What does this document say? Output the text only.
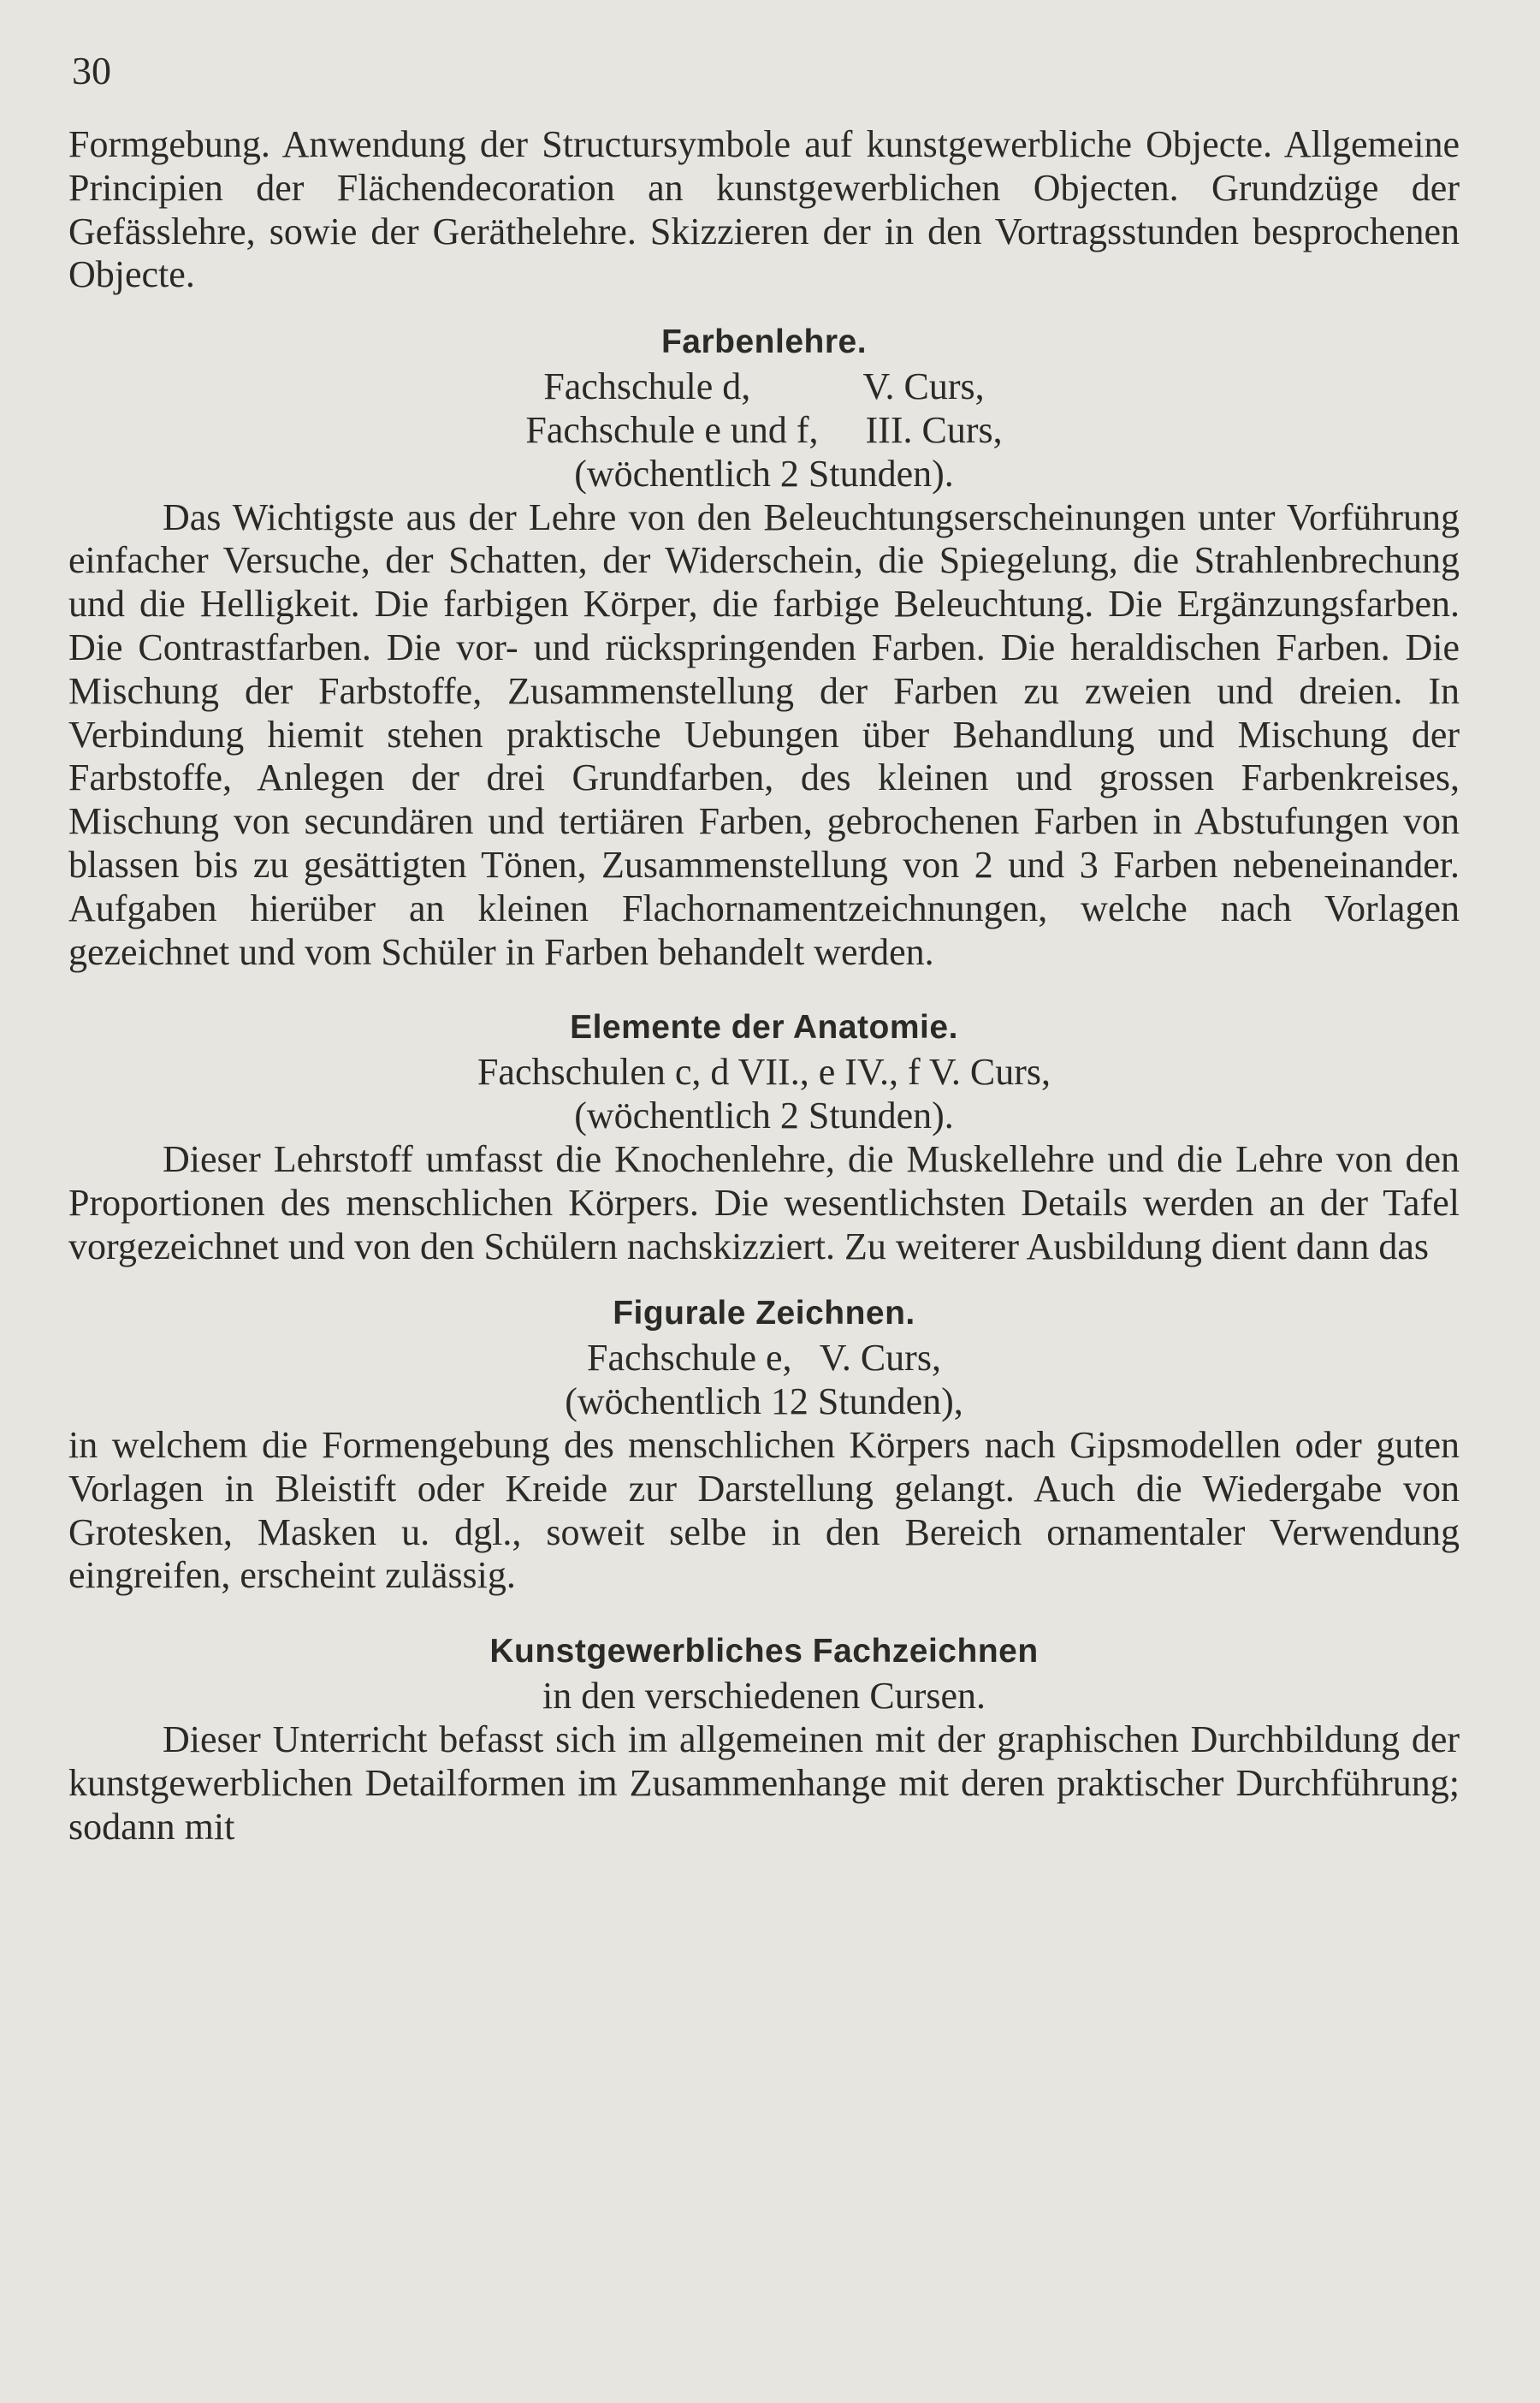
30

Formgebung. Anwendung der Structursymbole auf kunstgewerbliche Objecte. Allgemeine Principien der Flächendecoration an kunstgewerblichen Objecten. Grundzüge der Gefässlehre, sowie der Geräthelehre. Skizzieren der in den Vortragsstunden besprochenen Objecte.

Farbenlehre.

Fachschule d,            V. Curs,

Fachschule e und f,     III. Curs,

(wöchentlich 2 Stunden).

Das Wichtigste aus der Lehre von den Beleuchtungserscheinungen unter Vorführung einfacher Versuche, der Schatten, der Widerschein, die Spiegelung, die Strahlenbrechung und die Helligkeit. Die farbigen Körper, die farbige Beleuchtung. Die Ergänzungsfarben. Die Contrastfarben. Die vor- und rückspringenden Farben. Die heraldischen Farben. Die Mischung der Farbstoffe, Zusammenstellung der Farben zu zweien und dreien. In Verbindung hiemit stehen praktische Uebungen über Behandlung und Mischung der Farbstoffe, Anlegen der drei Grundfarben, des kleinen und grossen Farbenkreises, Mischung von secundären und tertiären Farben, gebrochenen Farben in Abstufungen von blassen bis zu gesättigten Tönen, Zusammenstellung von 2 und 3 Farben nebeneinander. Aufgaben hierüber an kleinen Flachornamentzeichnungen, welche nach Vorlagen gezeichnet und vom Schüler in Farben behandelt werden.

Elemente der Anatomie.

Fachschulen c, d VII., e IV., f V. Curs,

(wöchentlich 2 Stunden).

Dieser Lehrstoff umfasst die Knochenlehre, die Muskellehre und die Lehre von den Proportionen des menschlichen Körpers. Die wesentlichsten Details werden an der Tafel vorgezeichnet und von den Schülern nachskizziert. Zu weiterer Ausbildung dient dann das

Figurale Zeichnen.

Fachschule e,   V. Curs,

(wöchentlich 12 Stunden),

in welchem die Formengebung des menschlichen Körpers nach Gipsmodellen oder guten Vorlagen in Bleistift oder Kreide zur Darstellung gelangt. Auch die Wiedergabe von Grotesken, Masken u. dgl., soweit selbe in den Bereich ornamentaler Verwendung eingreifen, erscheint zulässig.

Kunstgewerbliches Fachzeichnen

in den verschiedenen Cursen.

Dieser Unterricht befasst sich im allgemeinen mit der graphischen Durchbildung der kunstgewerblichen Detailformen im Zusammenhange mit deren praktischer Durchführung; sodann mit
